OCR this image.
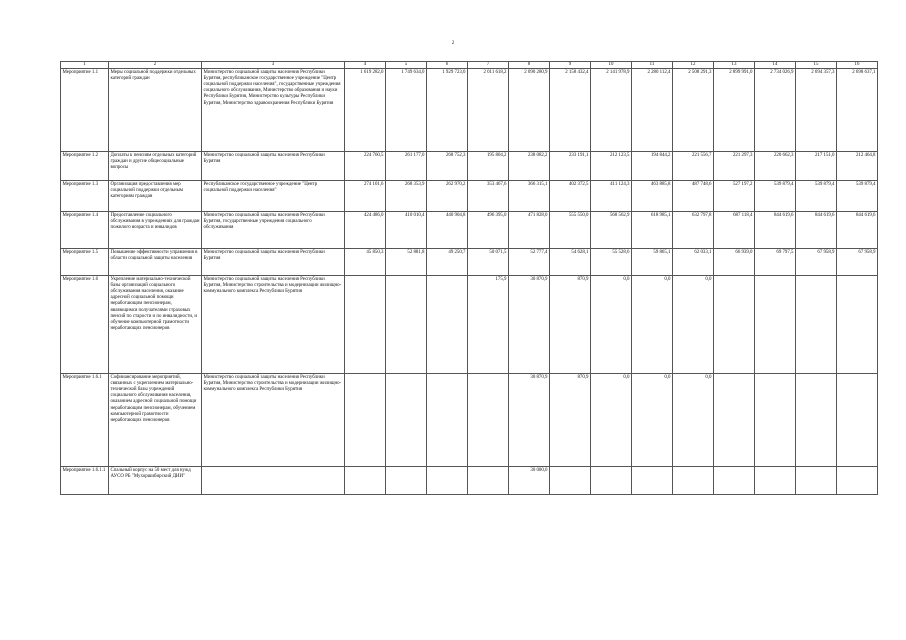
2
1	2	3	4	5	6	7	8	9	10	11	12	13	14	15	16
Мероприятие 1.1	Меры социальной поддержки отдельных категорий граждан	Министерство социальной защиты населения Республики Бурятия, республиканское государственное учреждение "Центр социальной поддержки населения", государственные учреждения социального обслуживания, Министерство образования и науки Республики Бурятия, Министерство культуры Республики Бурятия, Министерство здравоохранения Республики Бурятия	1 619 282,0	1 749 634,0	1 929 723,0	2 011 618,2	2 090 280,9	2 158 432,4	2 141 978,9	2 280 112,4	2 508 291,3	2 899 991,0	2 734 026,9	2 694 357,3	2 698 637,1
Мероприятие 1.2	Доплаты к пенсиям отдельных категорий граждан и другие общесоциальные вопросы	Министерство социальной защиты населения Республики Бурятия	224 760,5	261 177,0	268 752,3	195 804,2	238 082,2	233 191,1	212 123,5	194 844,2	221 556,7	221 297,3	220 662,3	217 151,0	212 464,8
Мероприятие 1.3	Организация предоставления мер социальной поддержки отдельным категориям граждан	Республиканское государственное учреждение "Центр социальной поддержки населения"	274 101,6	268 353,9	262 970,2	353 467,6	366 315,1	402 372,5	411 124,3	463 885,8	487 748,6	527 197,2	539 879,4	539 879,4	539 879,4
Мероприятие 1.4	Предоставление социального обслуживания в учреждениях для граждан пожилого возраста и инвалидов	Министерство социальной защиты населения Республики Бурятия, государственные учреждения социального обслуживания	424 486,0	410 010,4	440 904,8	496 395,0	471 828,0	555 550,0	568 562,9	618 985,1	632 797,8	687 118,4	844 619,6	844 619,6	844 619,6
Мероприятие 1.5	Повышение эффективности управления в области социальной защиты населения	Министерство социальной защиты населения Республики Бурятия	45 850,3	52 881,8	49 250,7	50 071,5	52 777,4	54 628,1	55 528,6	59 865,1	62 033,1	66 939,0	69 797,5	67 958,9	67 958,9
Мероприятие 1.6	Укрепление материально-технической базы организаций социального обслуживания населения, оказание адресной социальной помощи неработающим пенсионерам, являющимся получателями страховых пенсий по старости и по инвалидности, и обучение компьютерной грамотности неработающих пенсионеров	Министерство социальной защиты населения Республики Бурятия, Министерство строительства и модернизации жилищно-коммунального комплекса Республики Бурятия				175,9	30 870,9	870,9	0,0	0,0	0,0				
Мероприятие 1.6.1	Софинансирование мероприятий, связанных с укреплением материально-технической базы учреждений социального обслуживания населения, оказанием адресной социальной помощи неработающим пенсионерам, обучением компьютерной грамотности неработающих пенсионеров	Министерство социальной защиты населения Республики Бурятия, Министерство строительства и модернизации жилищно-коммунального комплекса Республики Бурятия					30 870,9	870,9	0,0	0,0	0,0				
Мероприятие 1.6.1.1	Спальный корпус на 50 мест для нужд АУСО РБ "Мухоршибирский ДИИ"						30 000,0								
